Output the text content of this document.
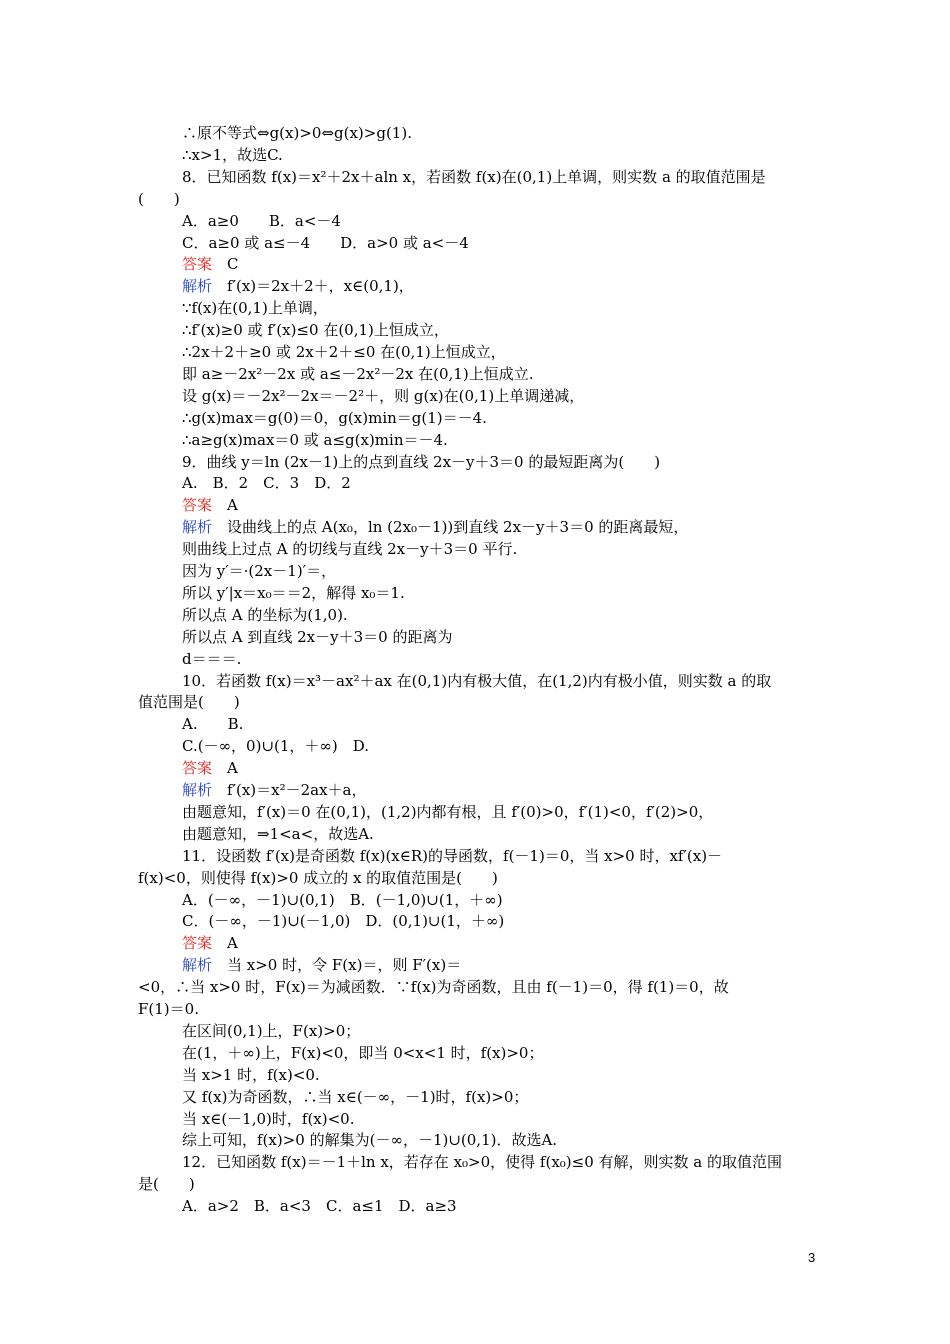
∴原不等式⇔g(x)>0⇔g(x)>g(1).
∴x>1，故选C.
8．已知函数 f(x)＝x²＋2x＋aln x，若函数 f(x)在(0,1)上单调，则实数 a 的取值范围是
(　　)
A．a≥0　　B．a<－4
C．a≥0 或 a≤－4　　D．a>0 或 a<－4
答案　C
解析　f′(x)＝2x＋2＋，x∈(0,1)，
∵f(x)在(0,1)上单调，
∴f′(x)≥0 或 f′(x)≤0 在(0,1)上恒成立，
∴2x＋2＋≥0 或 2x＋2＋≤0 在(0,1)上恒成立，
即 a≥－2x²－2x 或 a≤－2x²－2x 在(0,1)上恒成立.
设 g(x)＝－2x²－2x＝－2²＋，则 g(x)在(0,1)上单调递减，
∴g(x)max＝g(0)＝0，g(x)min＝g(1)＝－4.
∴a≥g(x)max＝0 或 a≤g(x)min＝－4.
9．曲线 y＝ln (2x－1)上的点到直线 2x－y＋3＝0 的最短距离为(　　)
A.　B．2　C．3　D．2
答案　A
解析　设曲线上的点 A(x₀，ln (2x₀－1))到直线 2x－y＋3＝0 的距离最短，
则曲线上过点 A 的切线与直线 2x－y＋3＝0 平行.
因为 y′＝·(2x－1)′＝，
所以 y′|x＝x₀＝＝2，解得 x₀＝1.
所以点 A 的坐标为(1,0).
所以点 A 到直线 2x－y＋3＝0 的距离为
d＝＝＝.
10．若函数 f(x)＝x³－ax²＋ax 在(0,1)内有极大值，在(1,2)内有极小值，则实数 a 的取
值范围是(　　)
A.　　B.
C.(－∞，0)∪(1，＋∞)　D.
答案　A
解析　f′(x)＝x²－2ax＋a，
由题意知，f′(x)＝0 在(0,1)，(1,2)内都有根，且 f′(0)>0，f′(1)<0，f′(2)>0，
由题意知，⇒1<a<，故选A.
11．设函数 f′(x)是奇函数 f(x)(x∈R)的导函数，f(－1)＝0，当 x>0 时，xf′(x)－
f(x)<0，则使得 f(x)>0 成立的 x 的取值范围是(　　)
A．(－∞，－1)∪(0,1)　B．(－1,0)∪(1，＋∞)
C．(－∞，－1)∪(－1,0)　D．(0,1)∪(1，＋∞)
答案　A
解析　当 x>0 时，令 F(x)＝，则 F′(x)＝
<0，∴当 x>0 时，F(x)＝为减函数．∵f(x)为奇函数，且由 f(－1)＝0，得 f(1)＝0，故
F(1)＝0.
在区间(0,1)上，F(x)>0；
在(1，＋∞)上，F(x)<0，即当 0<x<1 时，f(x)>0；
当 x>1 时，f(x)<0.
又 f(x)为奇函数，∴当 x∈(－∞，－1)时，f(x)>0；
当 x∈(－1,0)时，f(x)<0.
综上可知，f(x)>0 的解集为(－∞，－1)∪(0,1)．故选A.
12．已知函数 f(x)＝－1＋ln x，若存在 x₀>0，使得 f(x₀)≤0 有解，则实数 a 的取值范围
是(　　)
A．a>2　B．a<3　C．a≤1　D．a≥3
3
